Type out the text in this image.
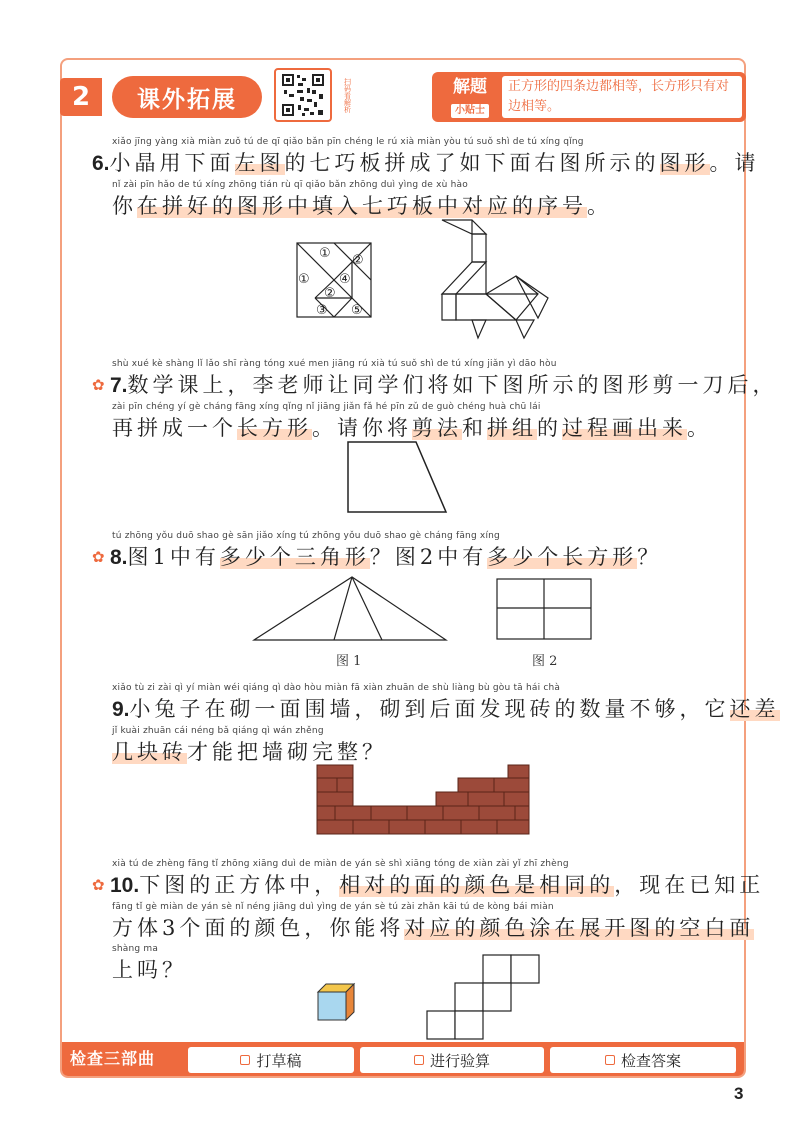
2	课外拓展	扫码看解析	解题
小贴士
正方形的四条边都相等，长方形只有对边相等。
xiǎo jīng yàng xià miàn zuǒ tú de qī qiǎo bǎn pīn chéng le rú xià miàn yòu tú suǒ shì de tú xíng qǐng
6.小晶用下面左图的七巧板拼成了如下面右图所示的图形。请
nǐ zài pīn hǎo de tú xíng zhōng tián rù qī qiǎo bǎn zhōng duì yìng de xù hào
你在拼好的图形中填入七巧板中对应的序号。
① ②
① ④
②
③ ⑤
shù xué kè shàng lǐ lǎo shī ràng tóng xué men jiāng rú xià tú suǒ shì de tú xíng jiǎn yì dāo hòu
✿ 7.数学课上，李老师让同学们将如下图所示的图形剪一刀后，
zài pīn chéng yí gè cháng fāng xíng qǐng nǐ jiāng jiǎn fǎ hé pīn zǔ de guò chéng huà chū lái
再拼成一个长方形。请你将剪法和拼组的过程画出来。
tú zhōng yǒu duō shao gè sān jiǎo xíng tú zhōng yǒu duō shao gè cháng fāng xíng
✿ 8.图1中有多少个三角形？图2中有多少个长方形？
图 1	图 2
xiǎo tù zi zài qì yí miàn wéi qiáng qì dào hòu miàn fā xiàn zhuān de shù liàng bù gòu tā hái chà
9.小兔子在砌一面围墙，砌到后面发现砖的数量不够，它还差
jǐ kuài zhuān cái néng bǎ qiáng qì wán zhěng
几块砖才能把墙砌完整？
xià tú de zhèng fāng tǐ zhōng xiāng duì de miàn de yán sè shì xiāng tóng de xiàn zài yǐ zhī zhèng
✿ 10.下图的正方体中，相对的面的颜色是相同的，现在已知正
fāng tǐ gè miàn de yán sè nǐ néng jiāng duì yìng de yán sè tú zài zhǎn kāi tú de kòng bái miàn
方体3个面的颜色，你能将对应的颜色涂在展开图的空白面
shàng ma
上吗？
检查三部曲	打草稿	进行验算	检查答案
3
